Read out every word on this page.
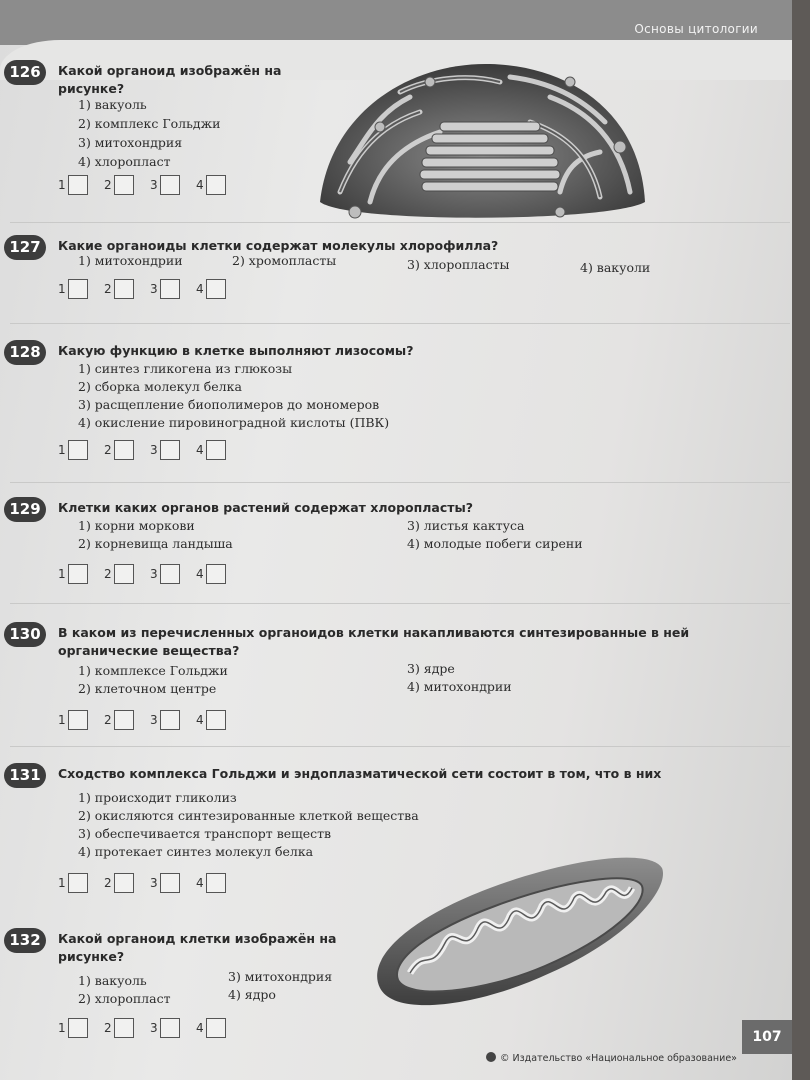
Основы цитологии
126	Какой органоид изображён на
рисунке?
1) вакуоль
2) комплекс Гольджи
3) митохондрия
4) хлоропласт
1	2	3	4
127	Какие органоиды клетки содержат молекулы хлорофилла?
1) митохондрии	2) хромопласты	3) хлоропласты	4) вакуоли
1	2	3	4
128	Какую функцию в клетке выполняют лизосомы?
1) синтез гликогена из глюкозы
2) сборка молекул белка
3) расщепление биополимеров до мономеров
4) окисление пировиноградной кислоты (ПВК)
1	2	3	4
129	Клетки каких органов растений содержат хлоропласты?
1) корни моркови
2) корневища ландыша
3) листья кактуса
4) молодые побеги сирени
1	2	3	4
130	В каком из перечисленных органоидов клетки накапливаются синтезированные в ней
органические вещества?
1) комплексе Гольджи
2) клеточном центре
3) ядре
4) митохондрии
1	2	3	4
131	Сходство комплекса Гольджи и эндоплазматической сети состоит в том, что в них
1) происходит гликолиз
2) окисляются синтезированные клеткой вещества
3) обеспечивается транспорт веществ
4) протекает синтез молекул белка
1	2	3	4
132	Какой органоид клетки изображён на
рисунке?
1) вакуоль
2) хлоропласт
3) митохондрия
4) ядро
1	2	3	4
107
© Издательство «Национальное образование»
